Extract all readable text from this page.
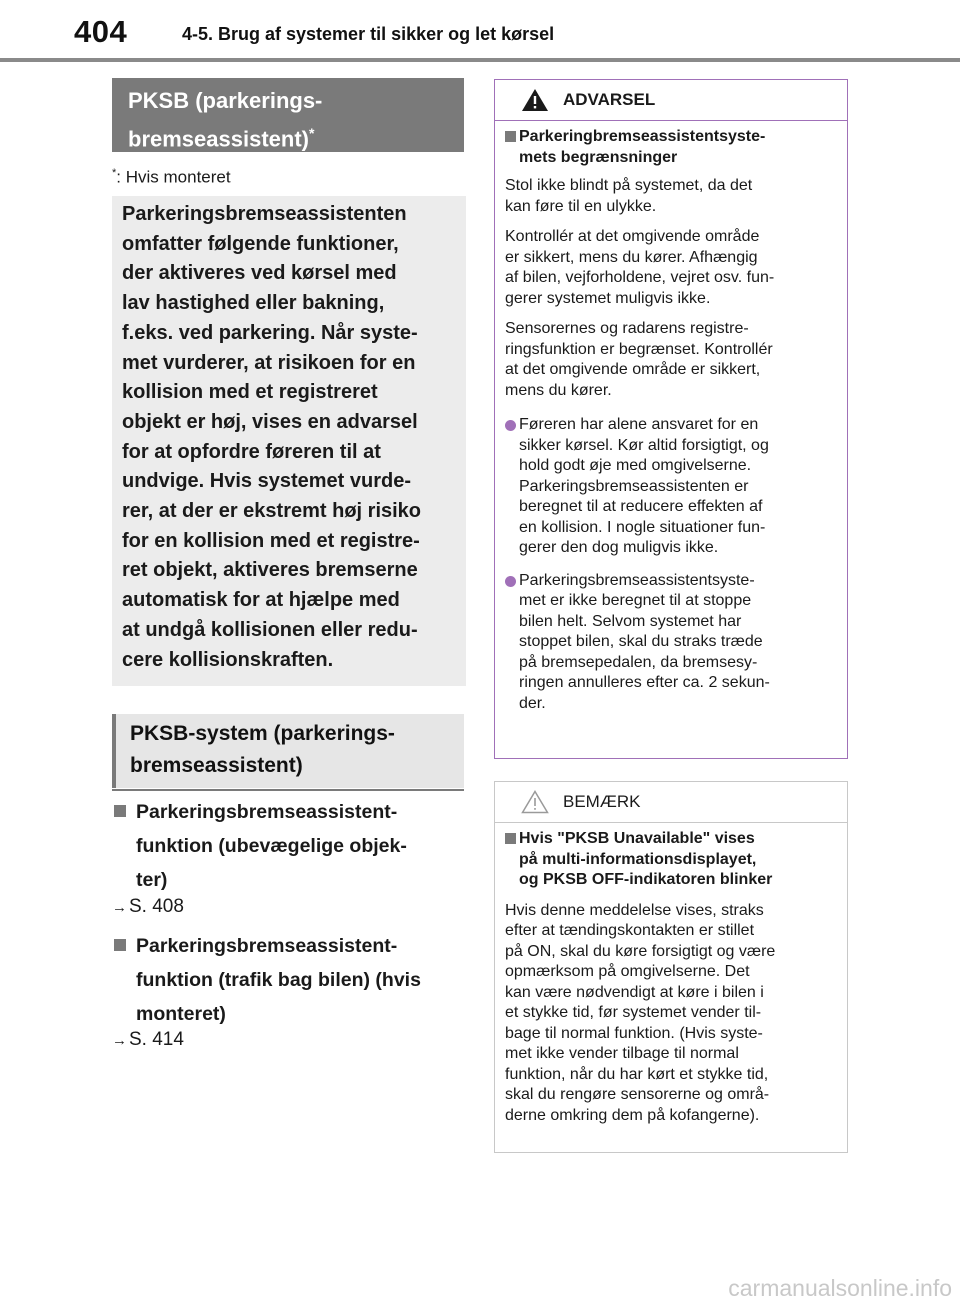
404	4-5. Brug af systemer til sikker og let kørsel
PKSB (parkerings-
bremseassistent)*
*: Hvis monteret

Parkeringsbremseassistenten

omfatter følgende funktioner,

der aktiveres ved kørsel med

lav hastighed eller bakning,

f.eks. ved parkering. Når syste-

met vurderer, at risikoen for en

kollision med et registreret

objekt er høj, vises en advarsel

for at opfordre føreren til at

undvige. Hvis systemet vurde-

rer, at der er ekstremt høj risiko

for en kollision med et registre-

ret objekt, aktiveres bremserne

automatisk for at hjælpe med

at undgå kollisionen eller redu-

cere kollisionskraften.

PKSB-system (parkerings-
bremseassistent)
Parkeringsbremseassistent-
funktion (ubevægelige objek-
ter)
→ S. 408
Parkeringsbremseassistent-
funktion (trafik bag bilen) (hvis
monteret)
→ S. 414
ADVARSEL
Parkeringbremseassistentsyste-
mets begrænsninger

Stol ikke blindt på systemet, da det
kan føre til en ulykke.

Kontrollér at det omgivende område
er sikkert, mens du kører. Afhængig
af bilen, vejforholdene, vejret osv. fun-
gerer systemet muligvis ikke.

Sensorernes og radarens registre-
ringsfunktion er begrænset. Kontrollér
at det omgivende område er sikkert,
mens du kører.

Føreren har alene ansvaret for en
sikker kørsel. Kør altid forsigtigt, og
hold godt øje med omgivelserne.
Parkeringsbremseassistenten er
beregnet til at reducere effekten af
en kollision. I nogle situationer fun-
gerer den dog muligvis ikke.
Parkeringsbremseassistentsyste-
met er ikke beregnet til at stoppe
bilen helt. Selvom systemet har
stoppet bilen, skal du straks træde
på bremsepedalen, da bremsesy-
ringen annulleres efter ca. 2 sekun-
der.
BEMÆRK
Hvis "PKSB Unavailable" vises
på multi-informationsdisplayet,
og PKSB OFF-indikatoren blinker

Hvis denne meddelelse vises, straks
efter at tændingskontakten er stillet
på ON, skal du køre forsigtigt og være
opmærksom på omgivelserne. Det
kan være nødvendigt at køre i bilen i
et stykke tid, før systemet vender til-
bage til normal funktion. (Hvis syste-
met ikke vender tilbage til normal
funktion, når du har kørt et stykke tid,
skal du rengøre sensorerne og områ-
derne omkring dem på kofangerne).

carmanualsonline.info
